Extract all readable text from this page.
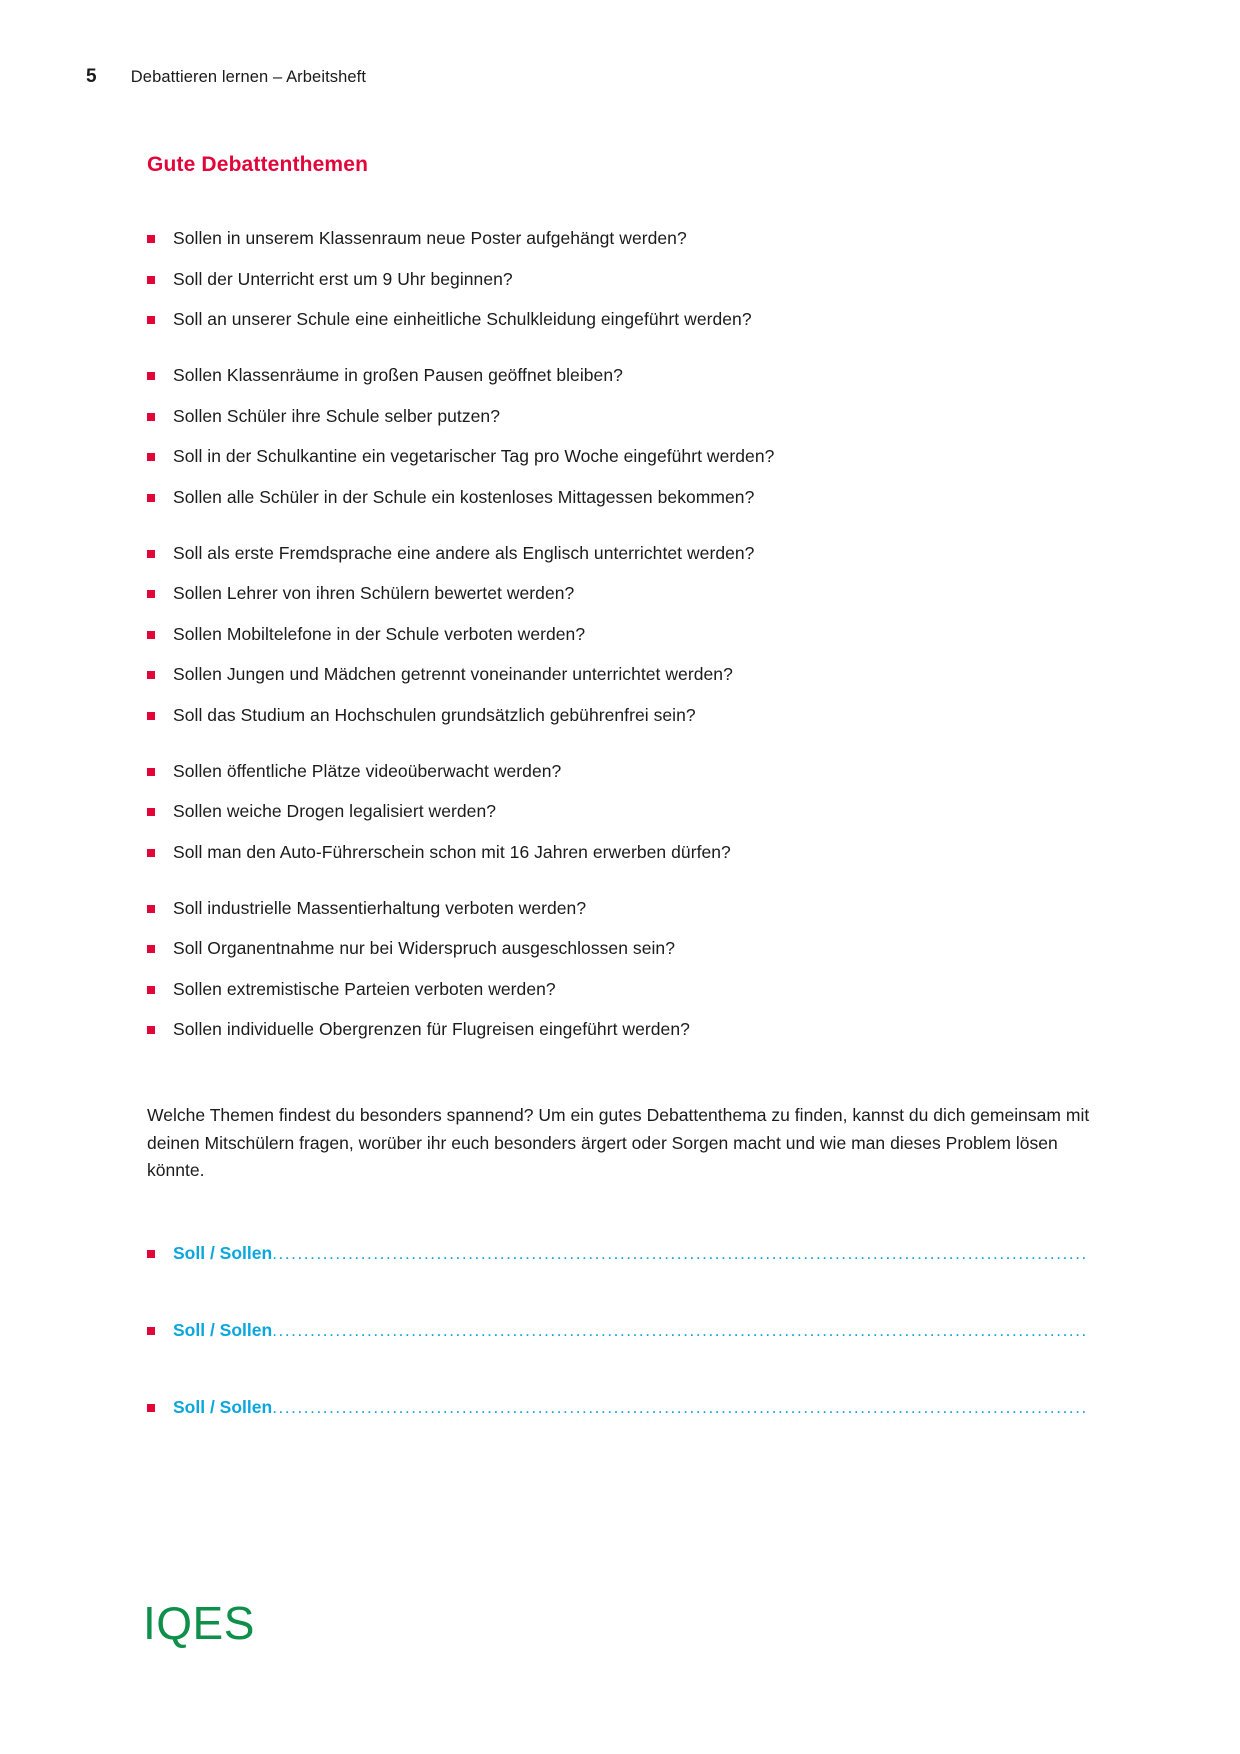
5 Debattieren lernen – Arbeitsheft
Gute Debattenthemen
Sollen in unserem Klassenraum neue Poster aufgehängt werden?
Soll der Unterricht erst um 9 Uhr beginnen?
Soll an unserer Schule eine einheitliche Schulkleidung eingeführt werden?
Sollen Klassenräume in großen Pausen geöffnet bleiben?
Sollen Schüler ihre Schule selber putzen?
Soll in der Schulkantine ein vegetarischer Tag pro Woche eingeführt werden?
Sollen alle Schüler in der Schule ein kostenloses Mittagessen bekommen?
Soll als erste Fremdsprache eine andere als Englisch unterrichtet werden?
Sollen Lehrer von ihren Schülern bewertet werden?
Sollen Mobiltelefone in der Schule verboten werden?
Sollen Jungen und Mädchen getrennt voneinander unterrichtet werden?
Soll das Studium an Hochschulen grundsätzlich gebührenfrei sein?
Sollen öffentliche Plätze videoüberwacht werden?
Sollen weiche Drogen legalisiert werden?
Soll man den Auto-Führerschein schon mit 16 Jahren erwerben dürfen?
Soll industrielle Massentierhaltung verboten werden?
Soll Organentnahme nur bei Widerspruch ausgeschlossen sein?
Sollen extremistische Parteien verboten werden?
Sollen individuelle Obergrenzen für Flugreisen eingeführt werden?

Welche Themen findest du besonders spannend? Um ein gutes Debattenthema zu finden, kannst du dich gemeinsam mit deinen Mitschülern fragen, worüber ihr euch besonders ärgert oder Sorgen macht und wie man dieses Problem lösen könnte.

Soll / Sollen .................................................................................................................................
Soll / Sollen .................................................................................................................................
Soll / Sollen .................................................................................................................................
IQES
